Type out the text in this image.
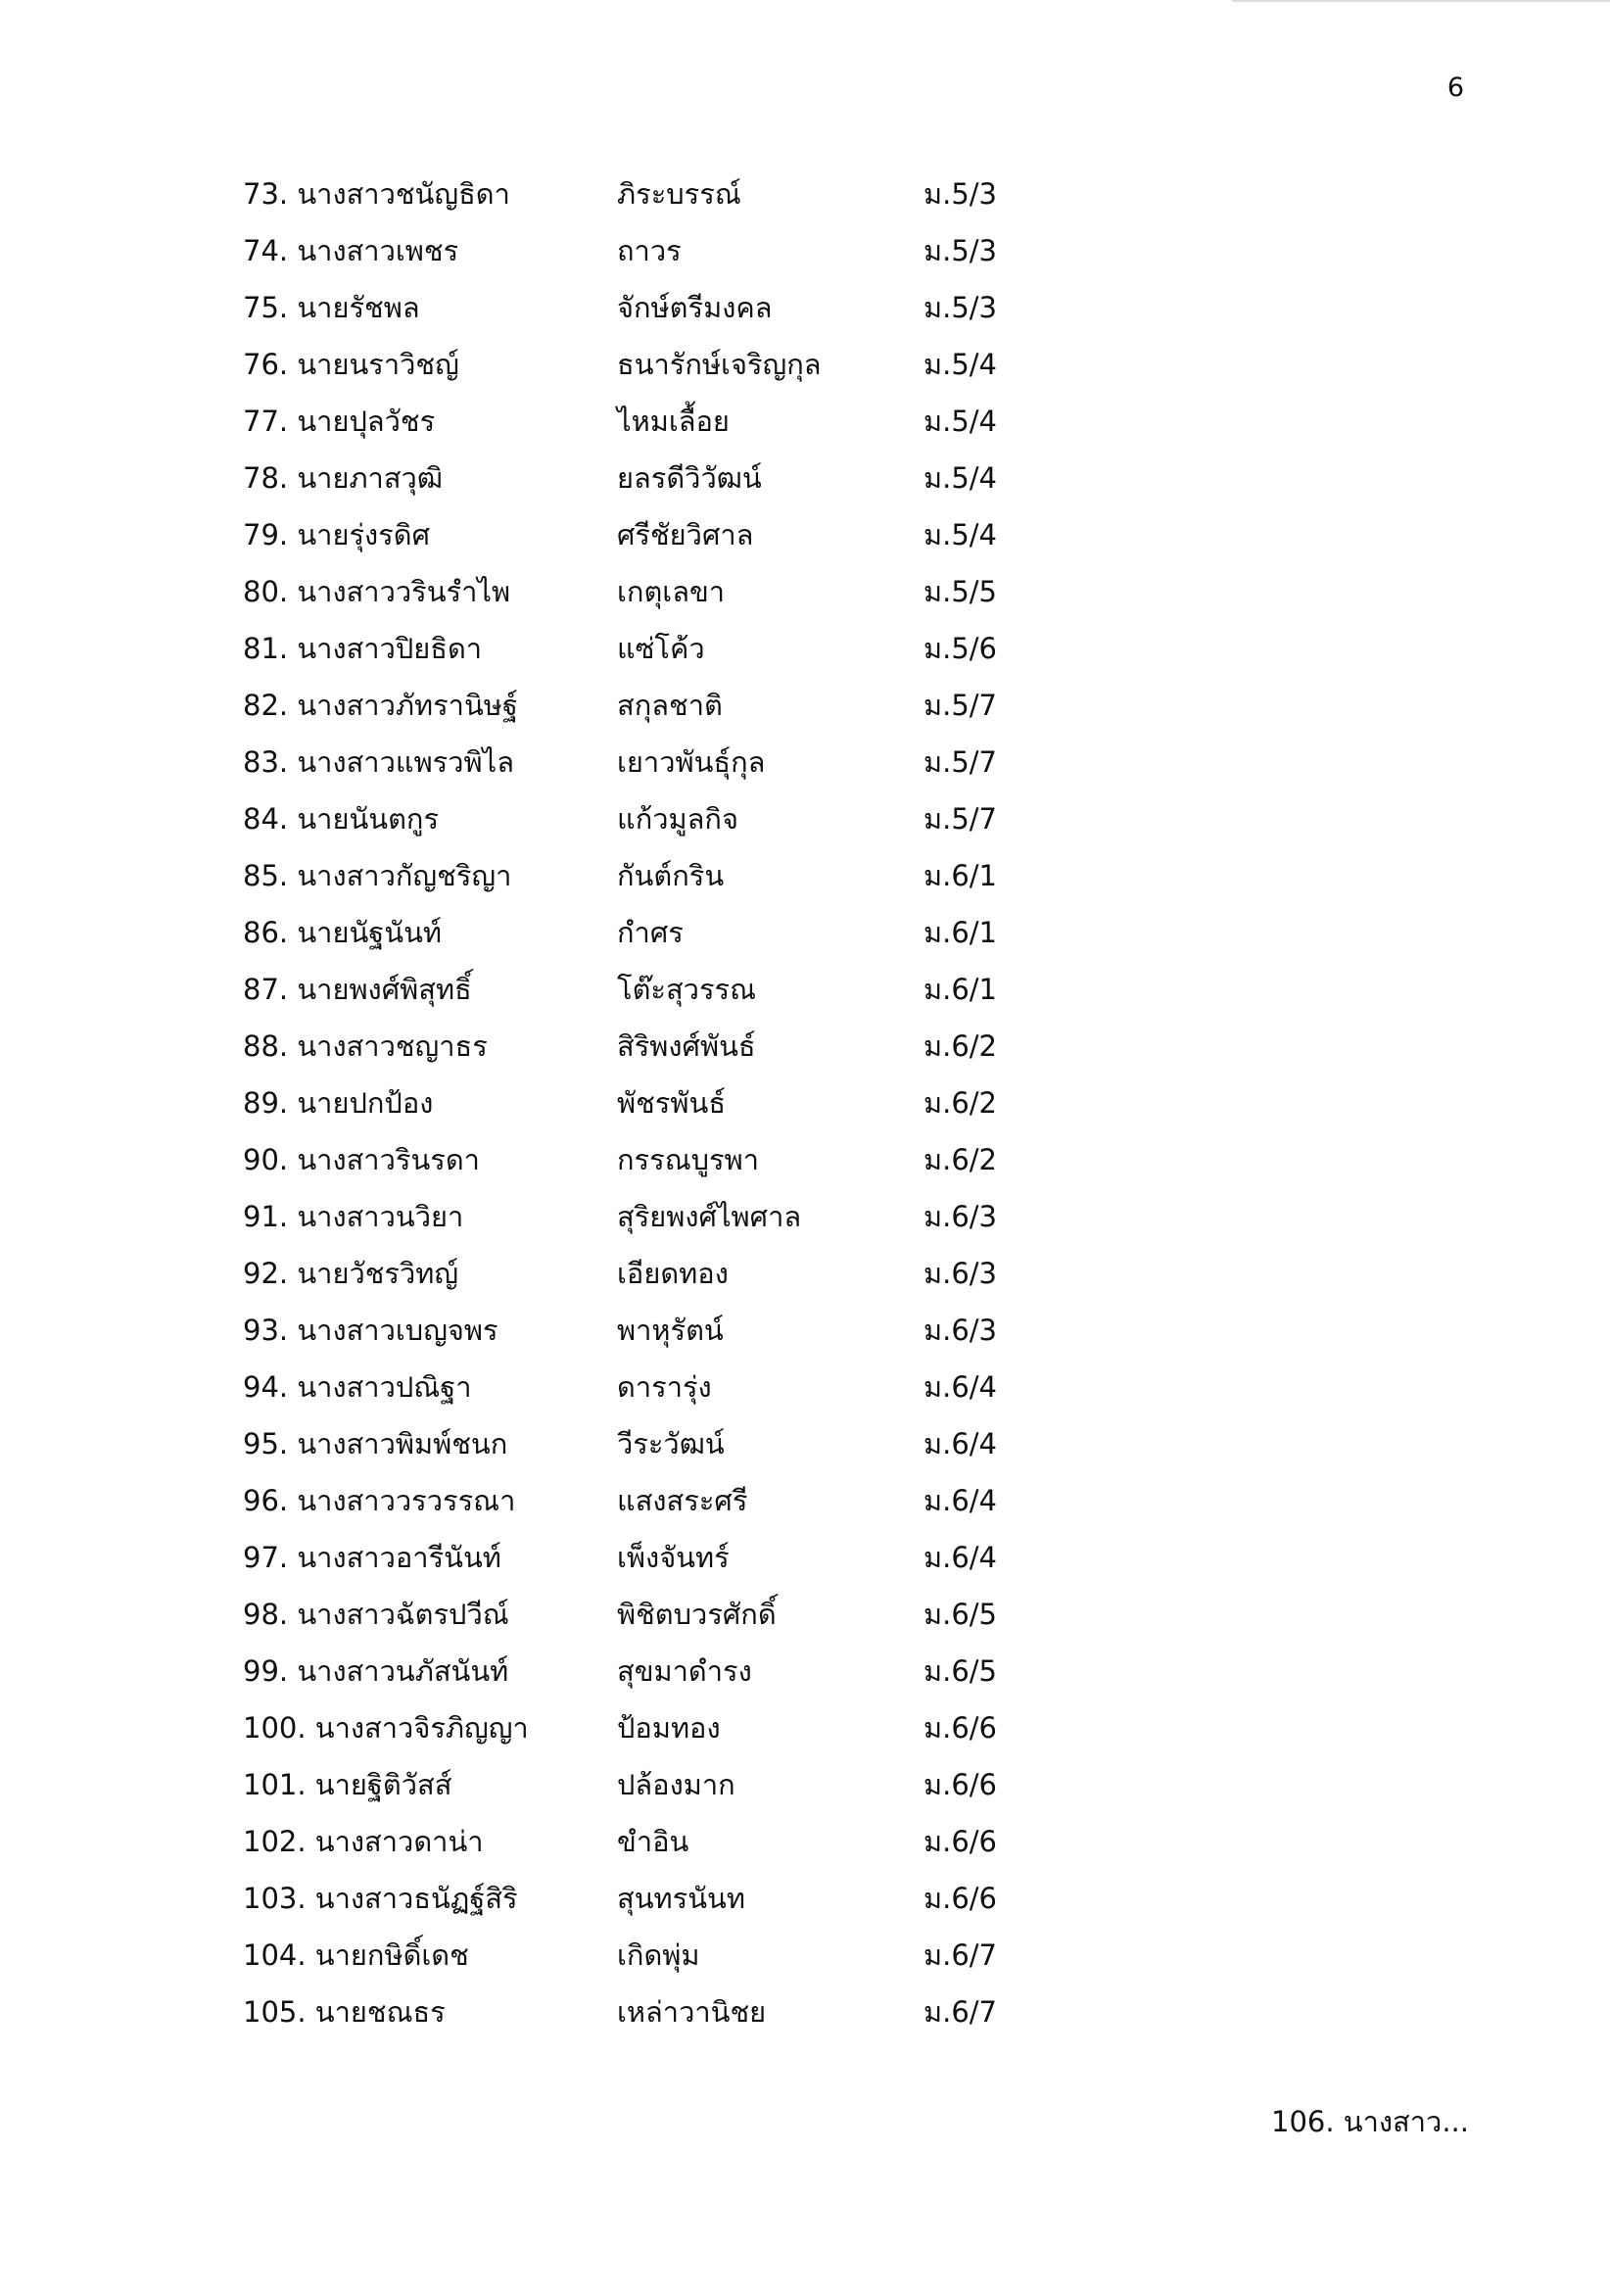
6
73. นางสาวชนัญธิดา	ภิระบรรณ์	ม.5/3
74. นางสาวเพชร	ถาวร	ม.5/3
75. นายรัชพล	จักษ์ตรีมงคล	ม.5/3
76. นายนราวิชญ์	ธนารักษ์เจริญกุล	ม.5/4
77. นายปุลวัชร	ไหมเลื้อย	ม.5/4
78. นายภาสวุฒิ	ยลรดีวิวัฒน์	ม.5/4
79. นายรุ่งรดิศ	ศรีชัยวิศาล	ม.5/4
80. นางสาววรินรำไพ	เกตุเลขา	ม.5/5
81. นางสาวปิยธิดา	แซ่โค้ว	ม.5/6
82. นางสาวภัทรานิษฐ์	สกุลชาติ	ม.5/7
83. นางสาวแพรวพิไล	เยาวพันธุ์กุล	ม.5/7
84. นายนันตกูร	แก้วมูลกิจ	ม.5/7
85. นางสาวกัญชริญา	กันต์กริน	ม.6/1
86. นายนัฐนันท์	กำศร	ม.6/1
87. นายพงศ์พิสุทธิ์	โต๊ะสุวรรณ	ม.6/1
88. นางสาวชญาธร	สิริพงศ์พันธ์	ม.6/2
89. นายปกป้อง	พัชรพันธ์	ม.6/2
90. นางสาวรินรดา	กรรณบูรพา	ม.6/2
91. นางสาวนวิยา	สุริยพงศ์ไพศาล	ม.6/3
92. นายวัชรวิทญ์	เอียดทอง	ม.6/3
93. นางสาวเบญจพร	พาหุรัตน์	ม.6/3
94. นางสาวปณิฐา	ดารารุ่ง	ม.6/4
95. นางสาวพิมพ์ชนก	วีระวัฒน์	ม.6/4
96. นางสาววรวรรณา	แสงสระศรี	ม.6/4
97. นางสาวอารีนันท์	เพ็งจันทร์	ม.6/4
98. นางสาวฉัตรปวีณ์	พิชิตบวรศักดิ์	ม.6/5
99. นางสาวนภัสนันท์	สุขมาดำรง	ม.6/5
100. นางสาวจิรภิญญา	ป้อมทอง	ม.6/6
101. นายฐิติวัสส์	ปล้องมาก	ม.6/6
102. นางสาวดาน่า	ขำอิน	ม.6/6
103. นางสาวธนัฏฐ์สิริ	สุนทรนันท	ม.6/6
104. นายกษิดิ์เดช	เกิดพุ่ม	ม.6/7
105. นายชณธร	เหล่าวานิชย	ม.6/7
106. นางสาว...
